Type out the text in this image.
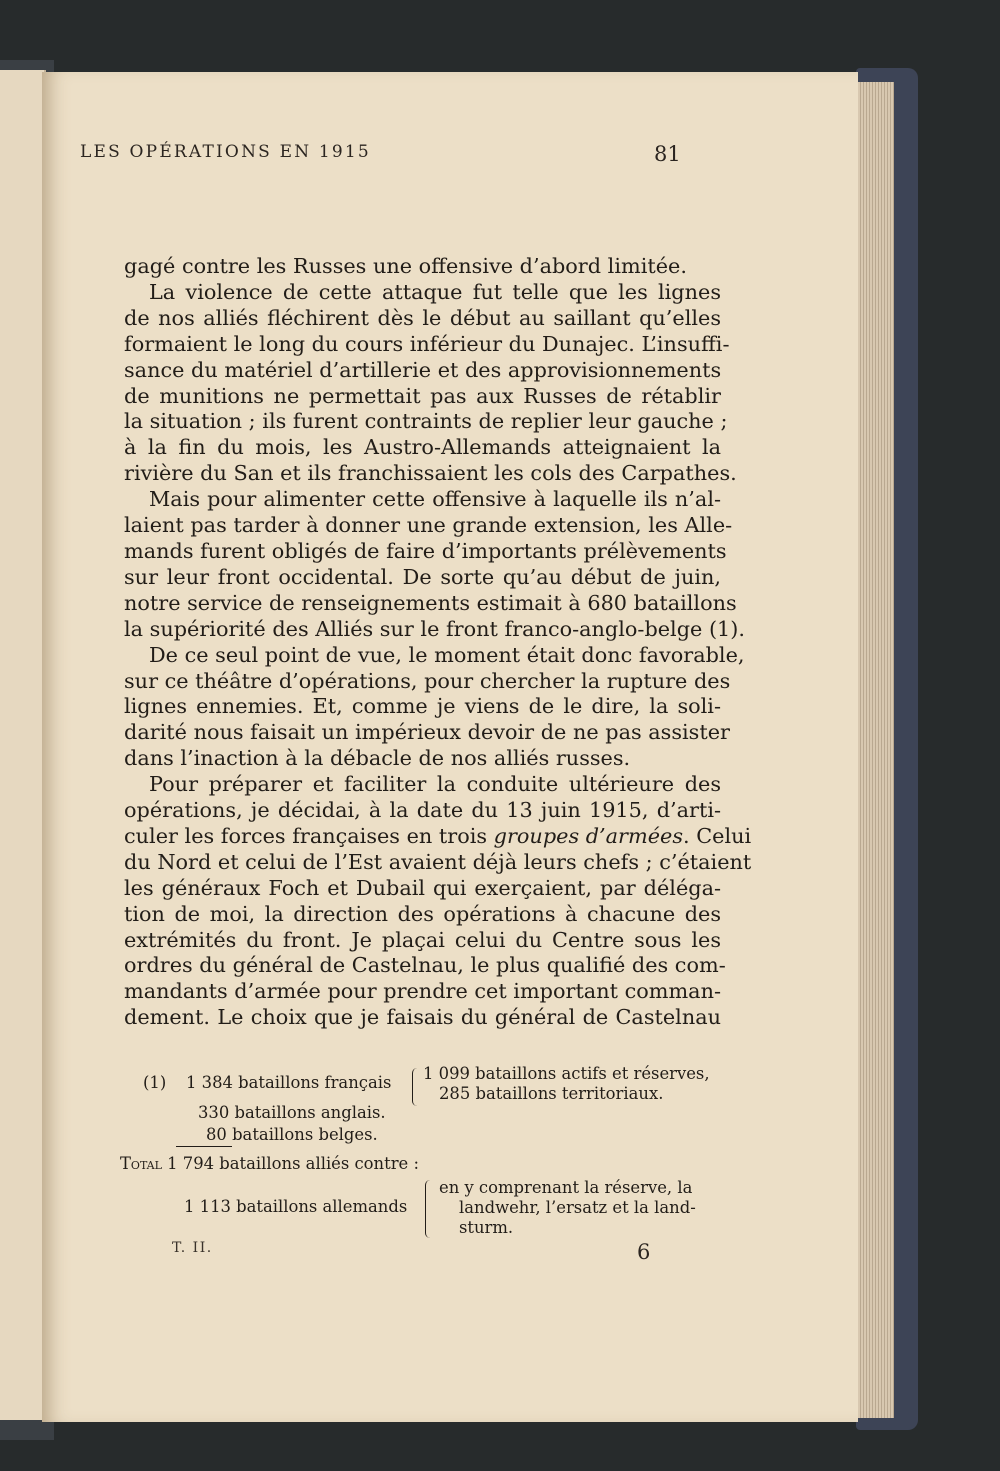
LES OPÉRATIONS EN 1915	81
gagé contre les Russes une offensive d’abord limitée.
La violence de cette attaque fut telle que les lignes
de nos alliés fléchirent dès le début au saillant qu’elles
formaient le long du cours inférieur du Dunajec. L’insuffi-
sance du matériel d’artillerie et des approvisionnements
de munitions ne permettait pas aux Russes de rétablir
la situation ; ils furent contraints de replier leur gauche ;
à la fin du mois, les Austro-Allemands atteignaient la
rivière du San et ils franchissaient les cols des Carpathes.
Mais pour alimenter cette offensive à laquelle ils n’al-
laient pas tarder à donner une grande extension, les Alle-
mands furent obligés de faire d’importants prélèvements
sur leur front occidental. De sorte qu’au début de juin,
notre service de renseignements estimait à 680 bataillons
la supériorité des Alliés sur le front franco-anglo-belge (1).
De ce seul point de vue, le moment était donc favorable,
sur ce théâtre d’opérations, pour chercher la rupture des
lignes ennemies. Et, comme je viens de le dire, la soli-
darité nous faisait un impérieux devoir de ne pas assister
dans l’inaction à la débacle de nos alliés russes.
Pour préparer et faciliter la conduite ultérieure des
opérations, je décidai, à la date du 13 juin 1915, d’arti-
culer les forces françaises en trois groupes d’armées. Celui
du Nord et celui de l’Est avaient déjà leurs chefs ; c’étaient
les généraux Foch et Dubail qui exerçaient, par déléga-
tion de moi, la direction des opérations à chacune des
extrémités du front. Je plaçai celui du Centre sous les
ordres du général de Castelnau, le plus qualifié des com-
mandants d’armée pour prendre cet important comman-
dement. Le choix que je faisais du général de Castelnau
(1) 1 384 bataillons français 1 099 bataillons actifs et réserves,
285 bataillons territoriaux.
330 bataillons anglais.
80 bataillons belges.
Total 1 794 bataillons alliés contre :
1 113 bataillons allemands
en y comprenant la réserve, la
landwehr, l’ersatz et la land-
sturm.
T. II.	6
